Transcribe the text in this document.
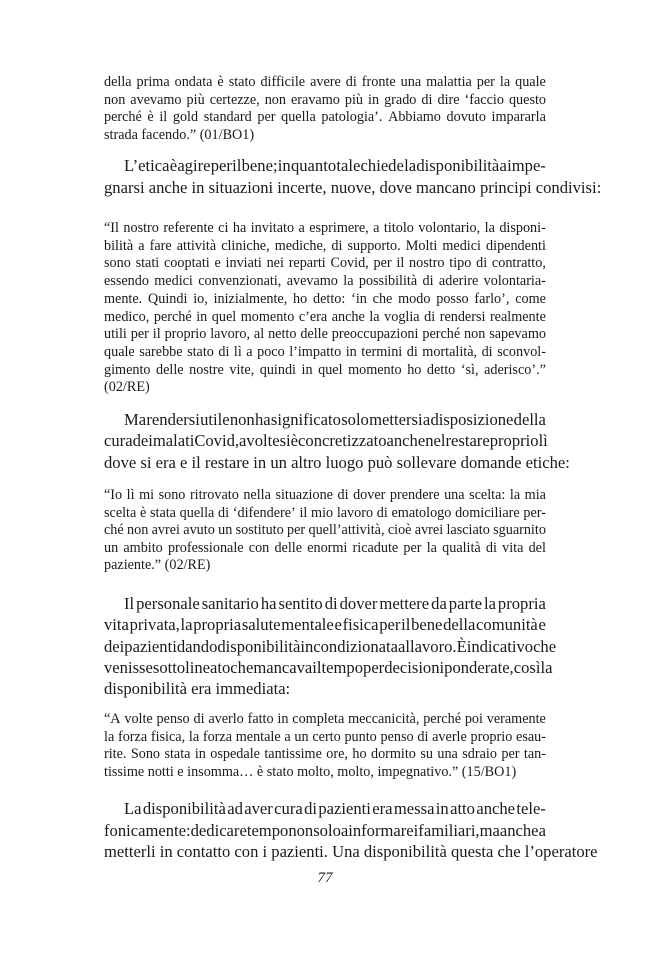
della prima ondata è stato difficile avere di fronte una malattia per la quale
non avevamo più certezze, non eravamo più in grado di dire ‘faccio questo
perché è il gold standard per quella patologia’. Abbiamo dovuto impararla
strada facendo.” (01/BO1)
L’etica è agire per il bene; in quanto tale chiede la disponibilità a impe-
gnarsi anche in situazioni incerte, nuove, dove mancano principi condivisi:
“Il nostro referente ci ha invitato a esprimere, a titolo volontario, la disponi-
bilità a fare attività cliniche, mediche, di supporto. Molti medici dipendenti
sono stati cooptati e inviati nei reparti Covid, per il nostro tipo di contratto,
essendo medici convenzionati, avevamo la possibilità di aderire volontaria-
mente. Quindi io, inizialmente, ho detto: ‘in che modo posso farlo’, come
medico, perché in quel momento c’era anche la voglia di rendersi realmente
utili per il proprio lavoro, al netto delle preoccupazioni perché non sapevamo
quale sarebbe stato di lì a poco l’impatto in termini di mortalità, di sconvol-
gimento delle nostre vite, quindi in quel momento ho detto ‘sì, aderisco’.”
(02/RE)
Ma rendersi utile non ha significato solo mettersi a disposizione della
cura dei malati Covid, a volte si è concretizzato anche nel restare proprio lì
dove si era e il restare in un altro luogo può sollevare domande etiche:
“Io lì mi sono ritrovato nella situazione di dover prendere una scelta: la mia
scelta è stata quella di ‘difendere’ il mio lavoro di ematologo domiciliare per-
ché non avrei avuto un sostituto per quell’attività, cioè avrei lasciato sguarnito
un ambito professionale con delle enormi ricadute per la qualità di vita del
paziente.” (02/RE)
Il personale sanitario ha sentito di dover mettere da parte la propria
vita privata, la propria salute mentale e fisica per il bene della comunità e
dei pazienti dando disponibilità incondizionata al lavoro. È indicativo che
venisse sottolineato che mancava il tempo per decisioni ponderate, così la
disponibilità era immediata:
“A volte penso di averlo fatto in completa meccanicità, perché poi veramente
la forza fisica, la forza mentale a un certo punto penso di averle proprio esau-
rite. Sono stata in ospedale tantissime ore, ho dormito su una sdraio per tan-
tissime notti e insomma… è stato molto, molto, impegnativo.” (15/BO1)
La disponibilità ad aver cura di pazienti era messa in atto anche tele-
fonicamente: dedicare tempo non solo a informare i familiari, ma anche a
metterli in contatto con i pazienti. Una disponibilità questa che l’operatore
77
